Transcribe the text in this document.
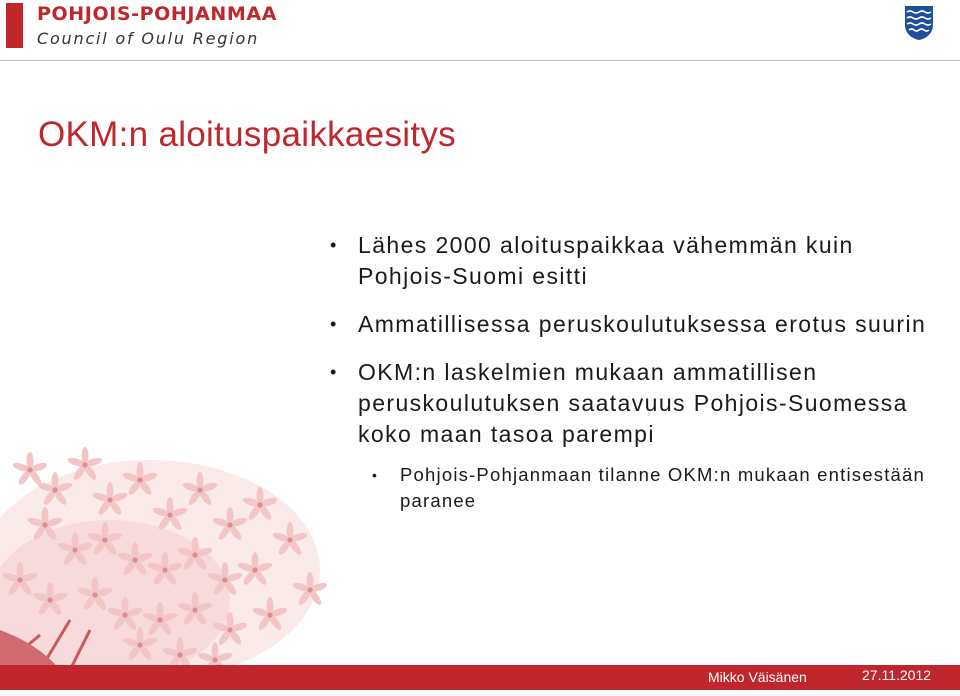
POHJOIS-POHJANMAA
Council of Oulu Region
OKM:n aloituspaikkaesitys
• Lähes 2000 aloituspaikkaa vähemmän kuin Pohjois-Suomi esitti
• Ammatillisessa peruskoulutuksessa erotus suurin
• OKM:n laskelmien mukaan ammatillisen peruskoulutuksen saatavuus Pohjois-Suomessa koko maan tasoa parempi
• Pohjois-Pohjanmaan tilanne OKM:n mukaan entisestään paranee
Mikko Väisänen	27.11.2012
